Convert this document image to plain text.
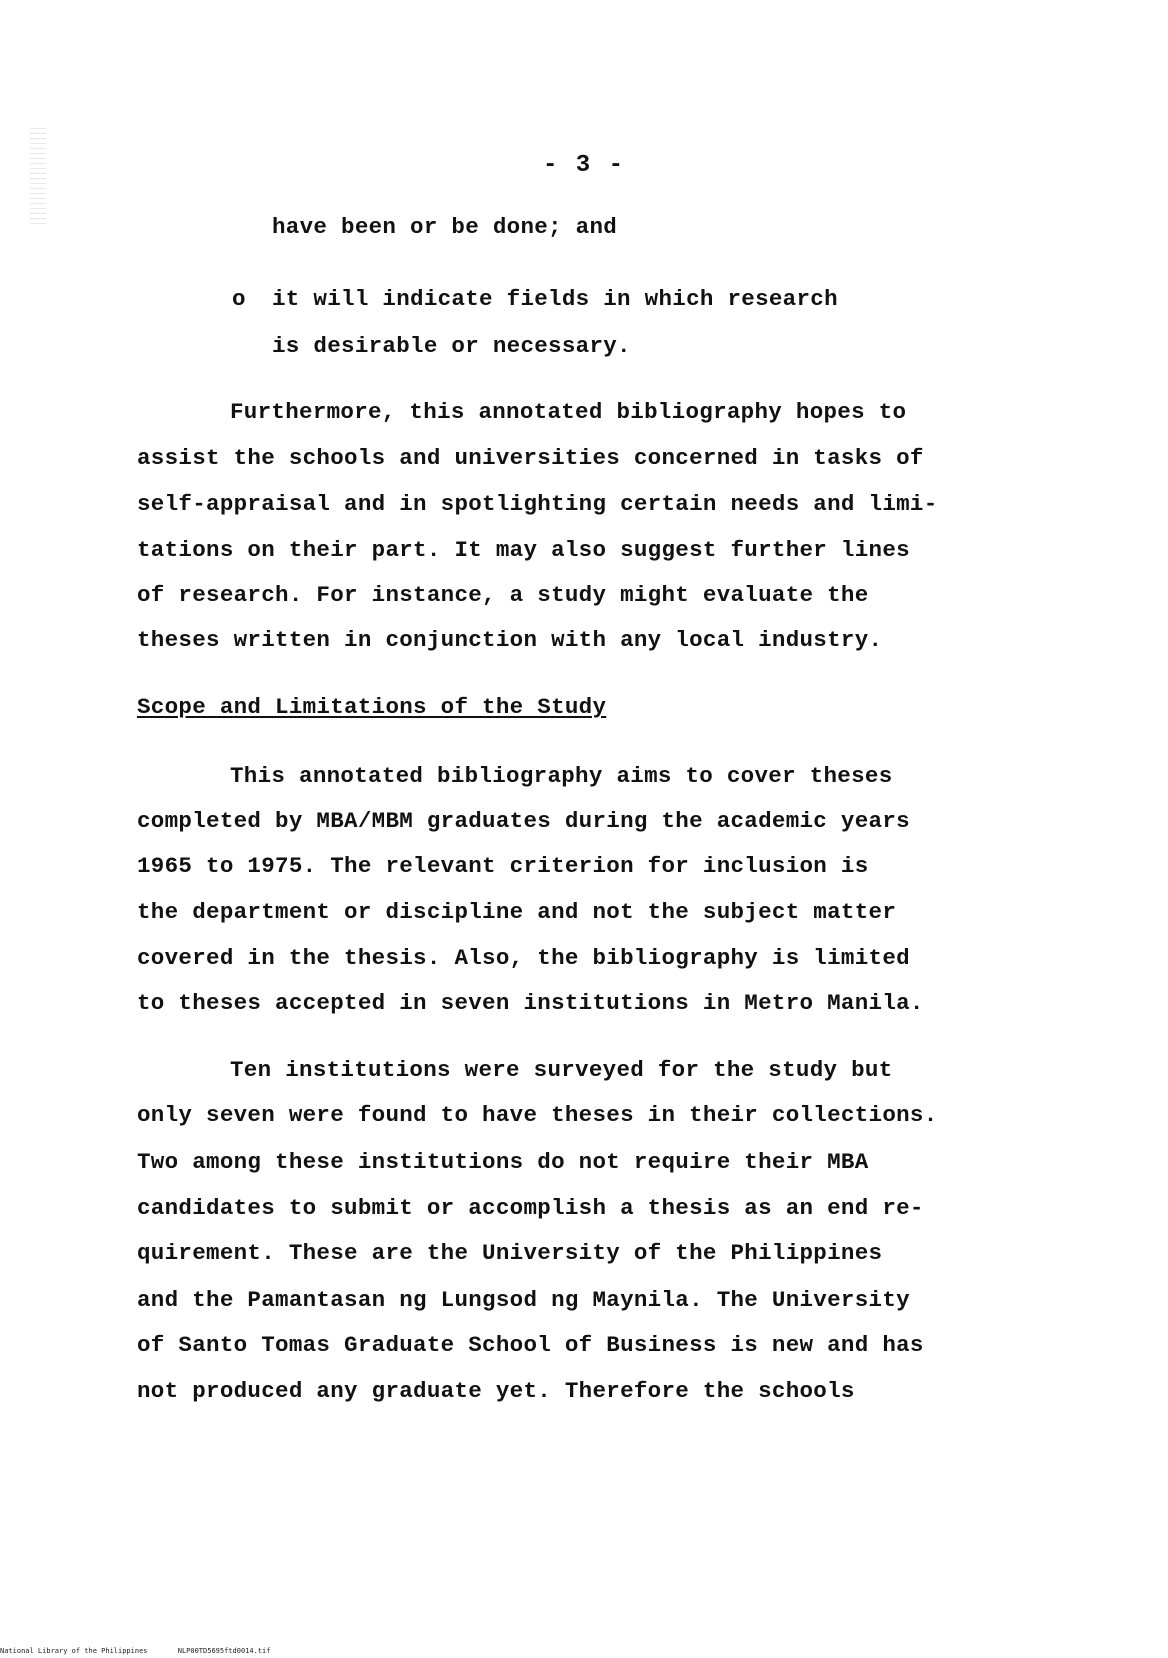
- 3 -
have been or be done; and
o it will indicate fields in which research
is desirable or necessary.
Furthermore, this annotated bibliography hopes to
assist the schools and universities concerned in tasks of
self-appraisal and in spotlighting certain needs and limi-
tations on their part. It may also suggest further lines
of research. For instance, a study might evaluate the
theses written in conjunction with any local industry.
Scope and Limitations of the Study
This annotated bibliography aims to cover theses
completed by MBA/MBM graduates during the academic years
1965 to 1975. The relevant criterion for inclusion is
the department or discipline and not the subject matter
covered in the thesis. Also, the bibliography is limited
to theses accepted in seven institutions in Metro Manila.
Ten institutions were surveyed for the study but
only seven were found to have theses in their collections.
Two among these institutions do not require their MBA
candidates to submit or accomplish a thesis as an end re-
quirement. These are the University of the Philippines
and the Pamantasan ng Lungsod ng Maynila. The University
of Santo Tomas Graduate School of Business is new and has
not produced any graduate yet. Therefore the schools
National Library of the Philippines	NLP00TD5695ftd0014.tif
